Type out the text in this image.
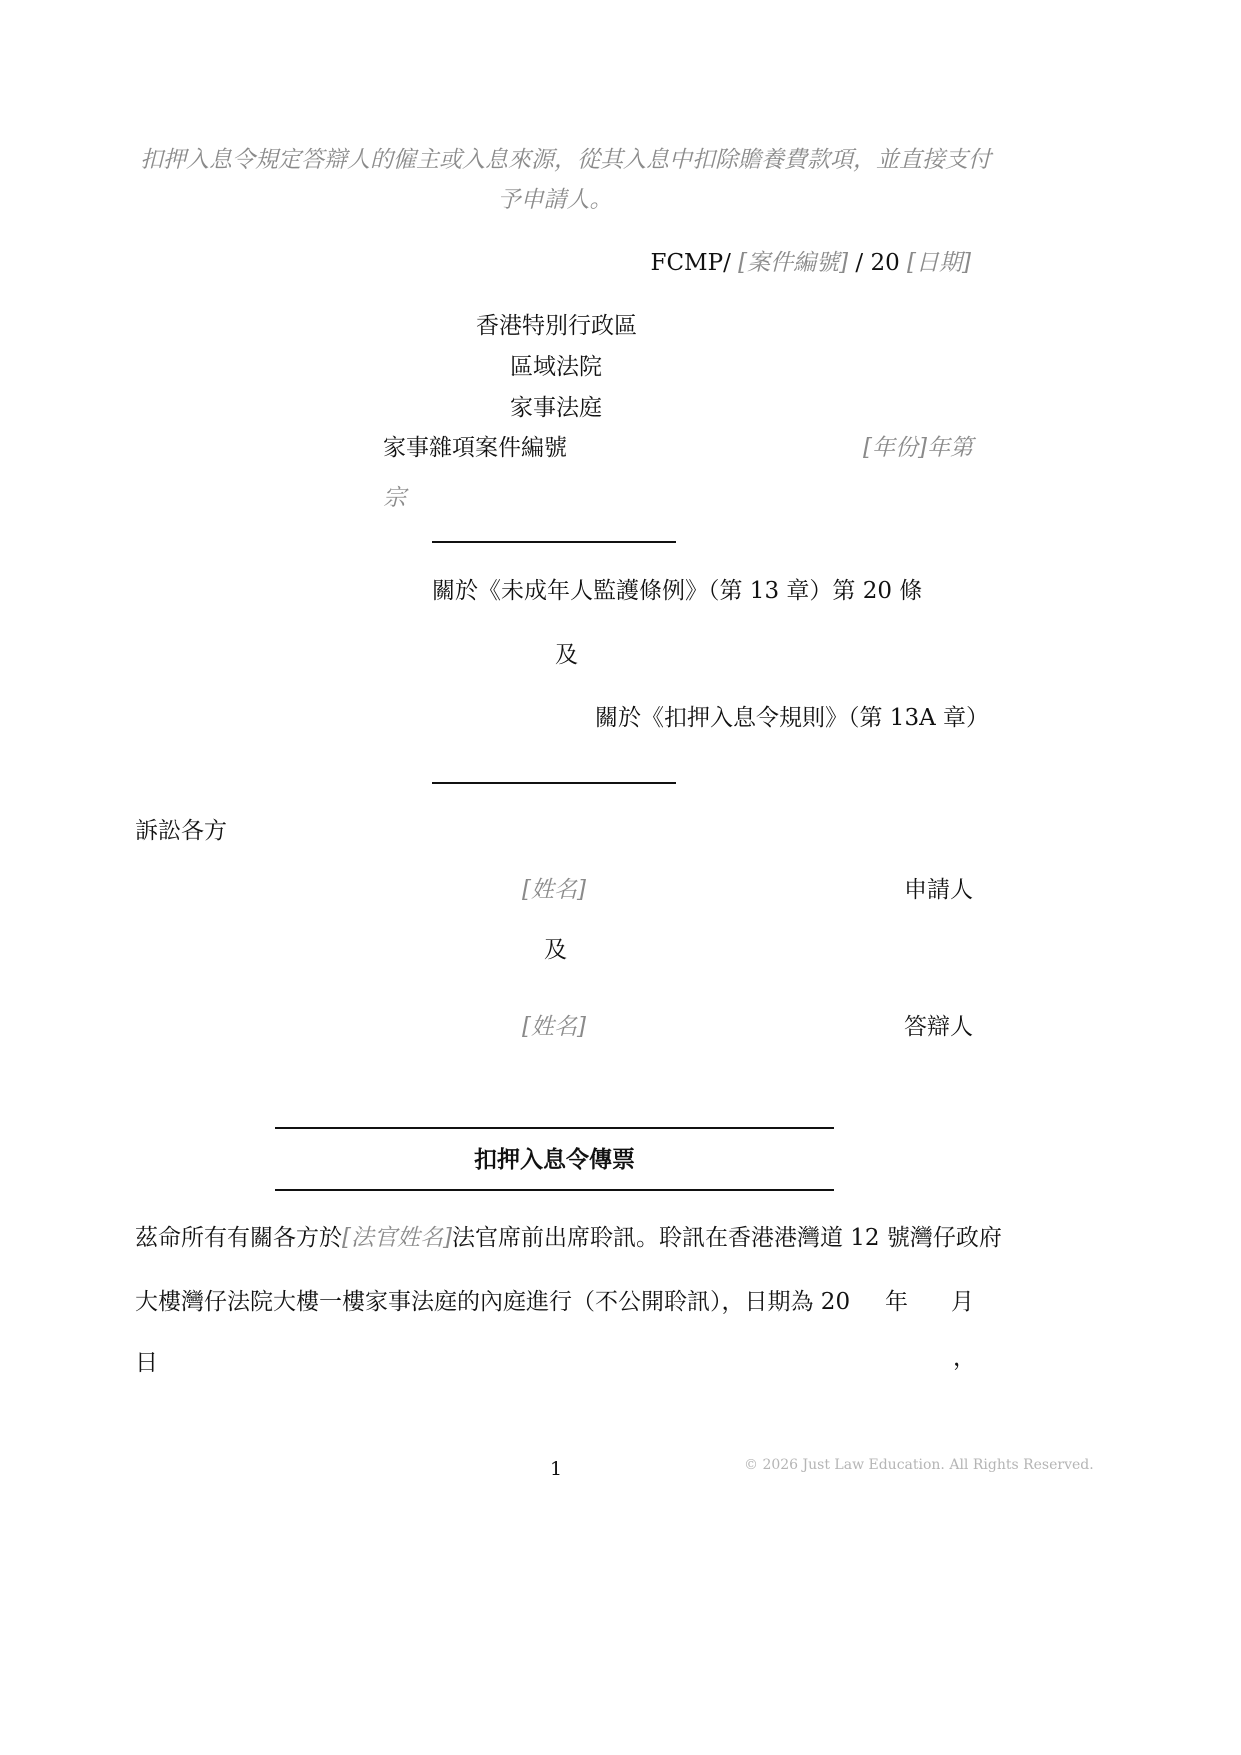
扣押入息令規定答辯人的僱主或入息來源，從其入息中扣除贍養費款項，並直接支付
予申請人。
FCMP/ [案件編號] / 20 [日期]
香港特別行政區
區域法院
家事法庭
家事雜項案件編號	[年份]年第
宗
關於《未成年人監護條例》（第 13 章）第 20 條
及
關於《扣押入息令規則》（第 13A 章）
訴訟各方
[姓名]	申請人
及
[姓名]	答辯人
扣押入息令傳票
茲命所有有關各方於[法官姓名]法官席前出席聆訊。聆訊在香港港灣道 12 號灣仔政府
大樓灣仔法院大樓一樓家事法庭的內庭進行（不公開聆訊），日期為 20 年 月
日	，
1	© 2026 Just Law Education. All Rights Reserved.
